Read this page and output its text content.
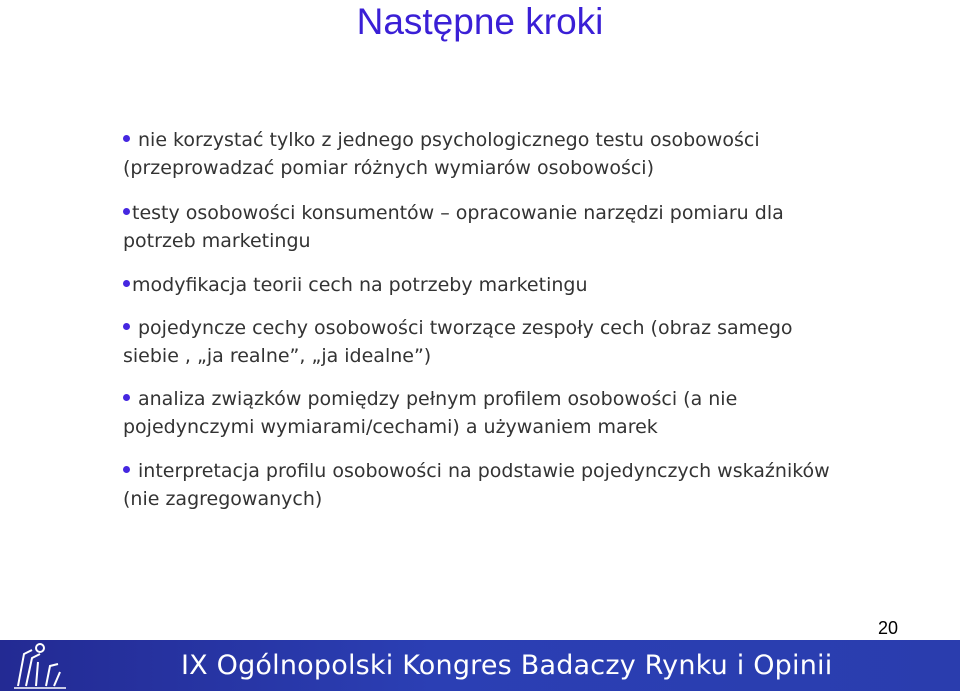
Następne kroki

nie korzystać tylko z jednego psychologicznego testu osobowości (przeprowadzać pomiar różnych wymiarów osobowości)

testy osobowości konsumentów – opracowanie narzędzi pomiaru dla potrzeb marketingu

modyfikacja teorii cech na potrzeby marketingu

pojedyncze cechy osobowości tworzące zespoły cech (obraz samego siebie , „ja realne”, „ja idealne”)

analiza związków pomiędzy pełnym profilem osobowości (a nie pojedynczymi wymiarami/cechami) a używaniem marek

interpretacja profilu osobowości na podstawie pojedynczych wskaźników (nie zagregowanych)

20
IX Ogólnopolski Kongres Badaczy Rynku i Opinii
